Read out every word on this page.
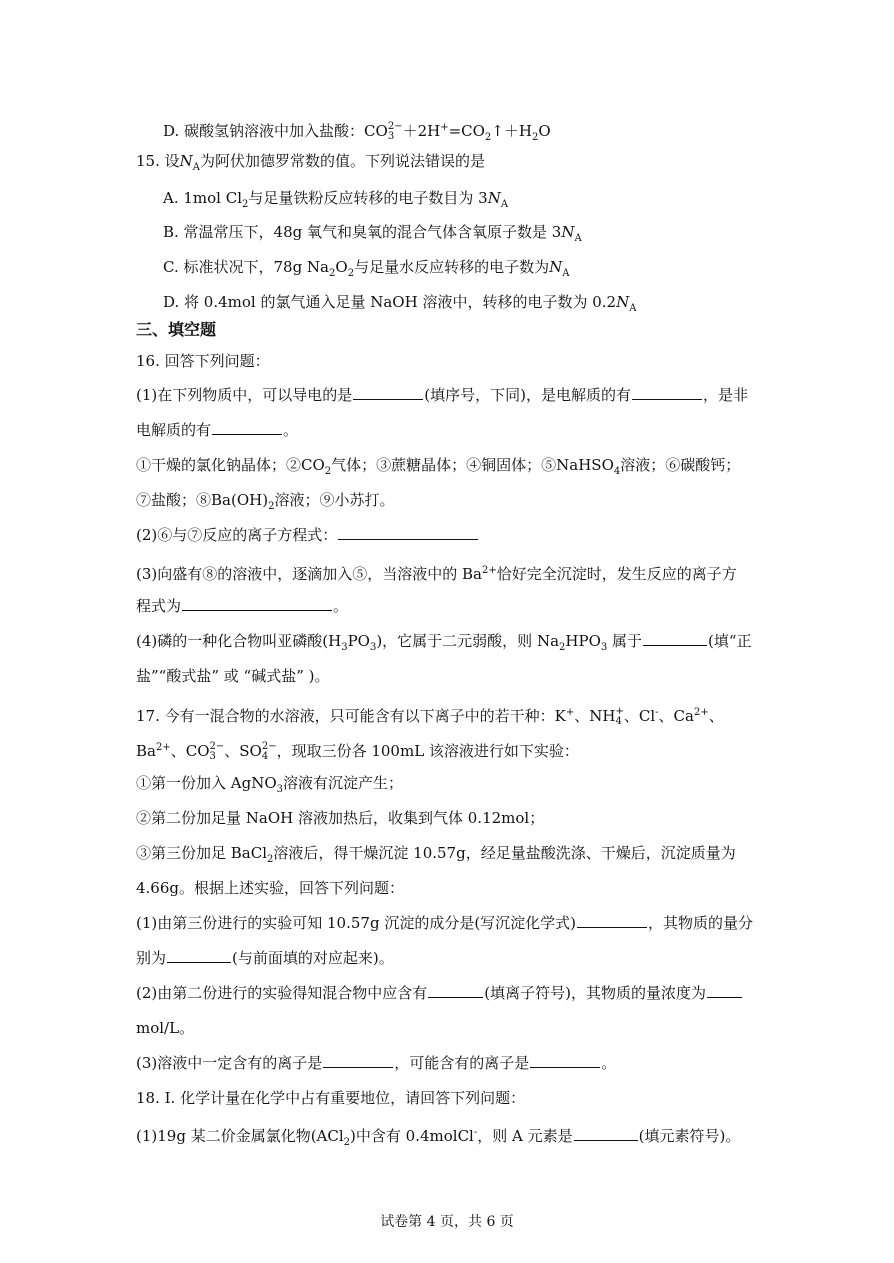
D. 碳酸氢钠溶液中加入盐酸：CO 2−
$3 +2H^+=CO_2↑+H_2O$
15. 设$N_A$为阿伏加德罗常数的值。下列说法错误的是
A. 1mol $Cl_2$与足量铁粉反应转移的电子数目为 $3N_A$
B. 常温常压下，48g 氧气和臭氧的混合气体含氧原子数是 $3N_A$
C. 标准状况下，78g $Na_2O_2$与足量水反应转移的电子数为$N_A$
D. 将 0.4mol 的氯气通入足量 NaOH 溶液中，转移的电子数为 $0.2N_A$
三、填空题
16. 回答下列问题：
(1)在下列物质中，可以导电的是	(填序号，下同)，是电解质的有	，是非
电解质的有	。
①干燥的氯化钠晶体；$②CO_2$气体；③蔗糖晶体；④铜固体；⑤NaHSO$_4$溶液；⑥碳酸钙；
⑦盐酸；$⑧Ba(OH)_2$溶液；⑨小苏打。
(2)⑥与⑦反应的离子方程式：
(3)向盛有⑧的溶液中，逐滴加入⑤，当溶液中的 $Ba^{2+}$恰好完全沉淀时，发生反应的离子方
程式为	。
(4)磷的一种化合物叫亚磷酸$(H_3PO_3)$，它属于二元弱酸，则 $Na_2HPO_3$ 属于	(填“正
盐”“酸式盐” 或 “碱式盐” )。
17. 今有一混合物的水溶液，只可能含有以下离子中的若干种：K+、NH +
4 、Cl-、$Ca^{2+}$、
$Ba^{2+}$、CO 2−
3 、SO 2−
4 ，现取三份各 100mL 该溶液进行如下实验：
①第一份加入 AgNO$_3$溶液有沉淀产生；
②第二份加足量 NaOH 溶液加热后，收集到气体 0.12mol；
③第三份加足 BaCl$_2$溶液后，得干燥沉淀 10.57g，经足量盐酸洗涤、干燥后，沉淀质量为
4.66g。根据上述实验，回答下列问题：
(1)由第三份进行的实验可知 10.57g 沉淀的成分是(写沉淀化学式)	，其物质的量分
别为	(与前面填的对应起来)。
(2)由第二份进行的实验得知混合物中应含有	(填离子符号)，其物质的量浓度为
mol/L。
(3)溶液中一定含有的离子是	，可能含有的离子是	。
18. I. 化学计量在化学中占有重要地位，请回答下列问题：
(1)19g 某二价金属氯化物(ACl$_2$)中含有 0.4molCl-，则 A 元素是	(填元素符号)。
试卷第 4 页，共 6 页
